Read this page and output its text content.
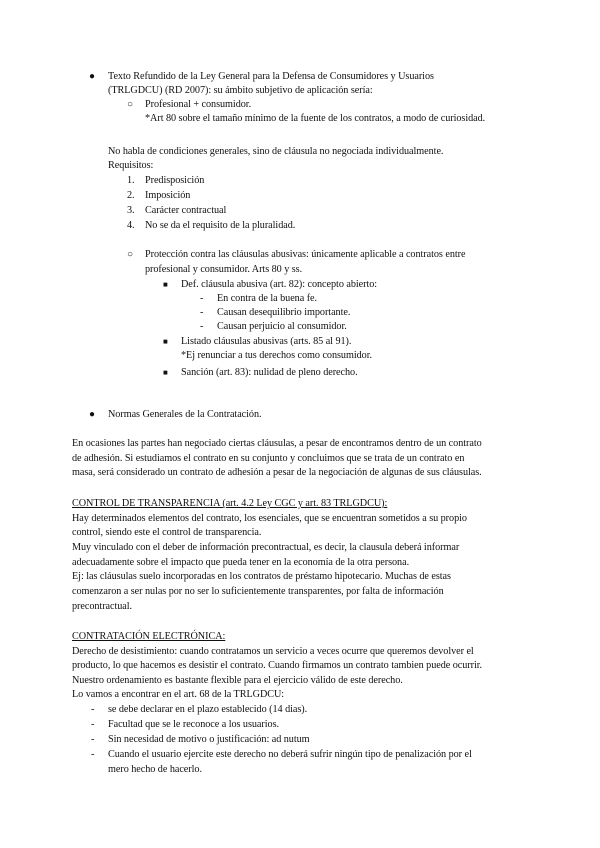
● Texto Refundido de la Ley General para la Defensa de Consumidores y Usuarios
(TRLGDCU) (RD 2007): su ámbito subjetivo de aplicación sería:
○ Profesional + consumidor.
*Art 80 sobre el tamaño mínimo de la fuente de los contratos, a modo de curiosidad.
No habla de condiciones generales, sino de cláusula no negociada individualmente.
Requisitos:
1. Predisposición
2. Imposición
3. Carácter contractual
4. No se da el requisito de la pluralidad.
○ Protección contra las cláusulas abusivas: únicamente aplicable a contratos entre
profesional y consumidor. Arts 80 y ss.
■ Def. cláusula abusiva (art. 82): concepto abierto:
- En contra de la buena fe.
- Causan desequilibrio importante.
- Causan perjuicio al consumidor.
■ Listado cláusulas abusivas (arts. 85 al 91).
*Ej renunciar a tus derechos como consumidor.
■ Sanción (art. 83): nulidad de pleno derecho.
● Normas Generales de la Contratación.
En ocasiones las partes han negociado ciertas cláusulas, a pesar de encontramos dentro de un contrato
de adhesión. Si estudiamos el contrato en su conjunto y concluimos que se trata de un contrato en
masa, será considerado un contrato de adhesión a pesar de la negociación de algunas de sus cláusulas.
CONTROL DE TRANSPARENCIA (art. 4.2 Ley CGC y art. 83 TRLGDCU):
Hay determinados elementos del contrato, los esenciales, que se encuentran sometidos a su propio
control, siendo este el control de transparencia.
Muy vinculado con el deber de información precontractual, es decir, la clausula deberá informar
adecuadamente sobre el impacto que pueda tener en la economía de la otra persona.
Ej: las cláusulas suelo incorporadas en los contratos de préstamo hipotecario. Muchas de estas
comenzaron a ser nulas por no ser lo suficientemente transparentes, por falta de información
precontractual.
CONTRATACIÓN ELECTRÓNICA:
Derecho de desistimiento: cuando contratamos un servicio a veces ocurre que queremos devolver el
producto, lo que hacemos es desistir el contrato. Cuando firmamos un contrato tambien puede ocurrir.
Nuestro ordenamiento es bastante flexible para el ejercicio válido de este derecho.
Lo vamos a encontrar en el art. 68 de la TRLGDCU:
- se debe declarar en el plazo establecido (14 dias).
- Facultad que se le reconoce a los usuarios.
- Sin necesidad de motivo o justificación: ad nutum
- Cuando el usuario ejercite este derecho no deberá sufrir ningún tipo de penalización por el
mero hecho de hacerlo.
